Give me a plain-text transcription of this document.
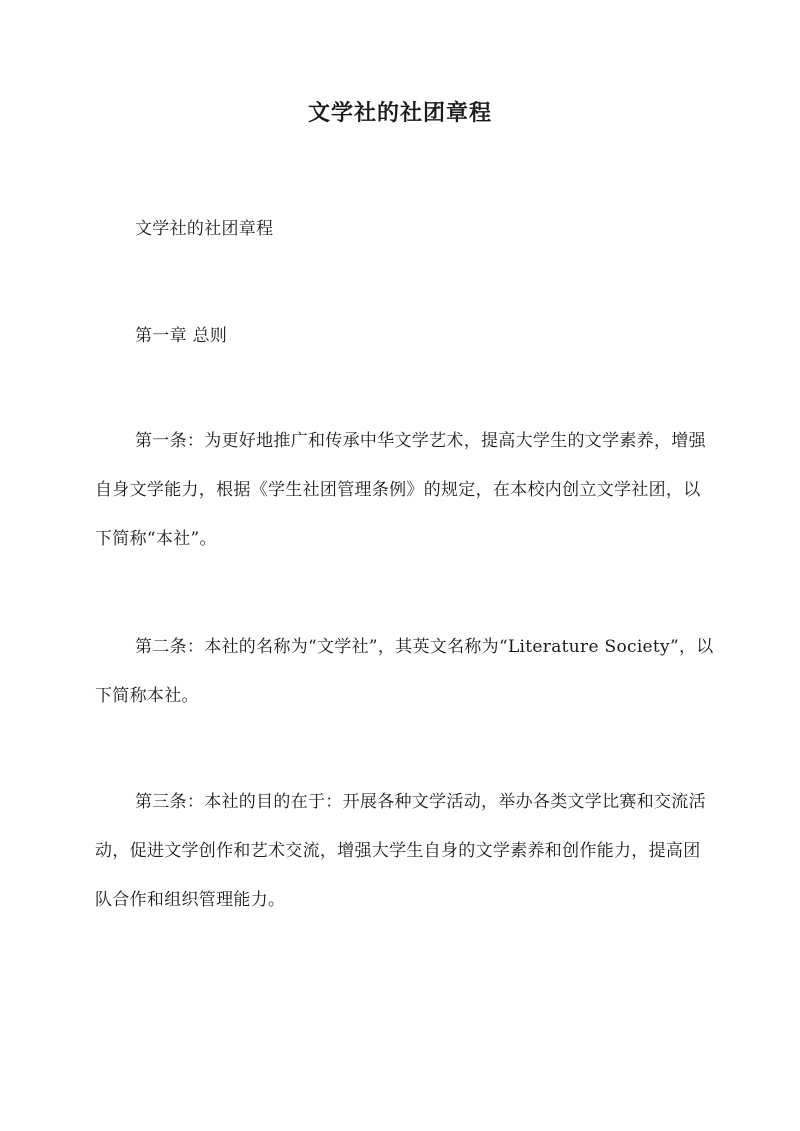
文学社的社团章程

文学社的社团章程

第一章 总则

第一条：为更好地推广和传承中华文学艺术，提高大学生的文学素养，增强自身文学能力，根据《学生社团管理条例》的规定，在本校内创立文学社团，以下简称“本社”。

第二条：本社的名称为“文学社”，其英文名称为“Literature Society”，以下简称本社。

第三条：本社的目的在于：开展各种文学活动，举办各类文学比赛和交流活动，促进文学创作和艺术交流，增强大学生自身的文学素养和创作能力，提高团队合作和组织管理能力。
